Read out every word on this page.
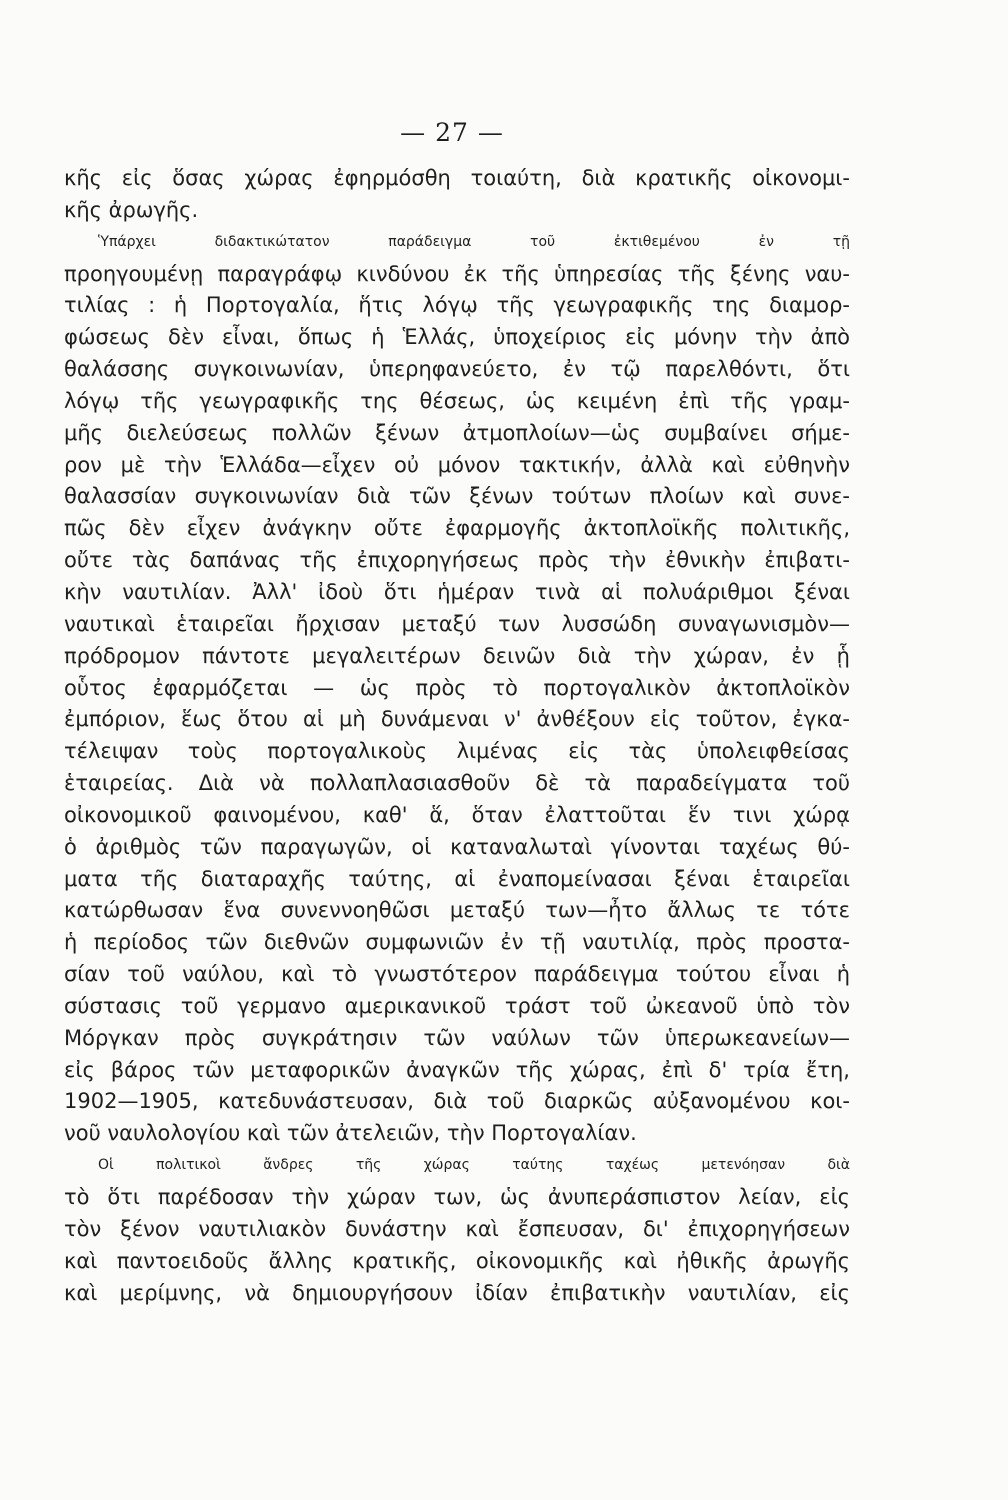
— 27 —
κῆς εἰς ὅσας χώρας ἐφηρμόσθη τοιαύτη, διὰ κρατικῆς οἰκονομι-
κῆς ἀρωγῆς.
Ὑπάρχει διδακτικώτατον παράδειγμα τοῦ ἐκτιθεμένου ἐν τῇ
προηγουμένῃ παραγράφῳ κινδύνου ἐκ τῆς ὑπηρεσίας τῆς ξένης ναυ-
τιλίας : ἡ Πορτογαλία, ἥτις λόγῳ τῆς γεωγραφικῆς της διαμορ-
φώσεως δὲν εἶναι, ὅπως ἡ Ἑλλάς, ὑποχείριος εἰς μόνην τὴν ἀπὸ
θαλάσσης συγκοινωνίαν, ὑπερηφανεύετο, ἐν τῷ παρελθόντι, ὅτι
λόγῳ τῆς γεωγραφικῆς της θέσεως, ὡς κειμένη ἐπὶ τῆς γραμ-
μῆς διελεύσεως πολλῶν ξένων ἀτμοπλοίων—ὡς συμβαίνει σήμε-
ρον μὲ τὴν Ἑλλάδα—εἶχεν οὐ μόνον τακτικήν, ἀλλὰ καὶ εὐθηνὴν
θαλασσίαν συγκοινωνίαν διὰ τῶν ξένων τούτων πλοίων καὶ συνε-
πῶς δὲν εἶχεν ἀνάγκην οὔτε ἐφαρμογῆς ἀκτοπλοϊκῆς πολιτικῆς,
οὔτε τὰς δαπάνας τῆς ἐπιχορηγήσεως πρὸς τὴν ἐθνικὴν ἐπιβατι-
κὴν ναυτιλίαν. Ἀλλ' ἰδοὺ ὅτι ἡμέραν τινὰ αἱ πολυάριθμοι ξέναι
ναυτικαὶ ἑταιρεῖαι ἤρχισαν μεταξύ των λυσσώδη συναγωνισμὸν—
πρόδρομον πάντοτε μεγαλειτέρων δεινῶν διὰ τὴν χώραν, ἐν ᾗ
οὗτος ἐφαρμόζεται — ὡς πρὸς τὸ πορτογαλικὸν ἀκτοπλοϊκὸν
ἐμπόριον, ἕως ὅτου αἱ μὴ δυνάμεναι ν' ἀνθέξουν εἰς τοῦτον, ἐγκα-
τέλειψαν τοὺς πορτογαλικοὺς λιμένας εἰς τὰς ὑπολειφθείσας
ἑταιρείας. Διὰ νὰ πολλαπλασιασθοῦν δὲ τὰ παραδείγματα τοῦ
οἰκονομικοῦ φαινομένου, καθ' ἅ, ὅταν ἐλαττοῦται ἕν τινι χώρᾳ
ὁ ἀριθμὸς τῶν παραγωγῶν, οἱ καταναλωταὶ γίνονται ταχέως θύ-
ματα τῆς διαταραχῆς ταύτης, αἱ ἐναπομείνασαι ξέναι ἑταιρεῖαι
κατώρθωσαν ἕνα συνεννοηθῶσι μεταξύ των—ἦτο ἄλλως τε τότε
ἡ περίοδος τῶν διεθνῶν συμφωνιῶν ἐν τῇ ναυτιλίᾳ, πρὸς προστα-
σίαν τοῦ ναύλου, καὶ τὸ γνωστότερον παράδειγμα τούτου εἶναι ἡ
σύστασις τοῦ γερμανο αμερικανικοῦ τράστ τοῦ ὠκεανοῦ ὑπὸ τὸν
Μόργκαν πρὸς συγκράτησιν τῶν ναύλων τῶν ὑπερωκεανείων—
εἰς βάρος τῶν μεταφορικῶν ἀναγκῶν τῆς χώρας, ἐπὶ δ' τρία ἔτη,
1902—1905, κατεδυνάστευσαν, διὰ τοῦ διαρκῶς αὐξανομένου κοι-
νοῦ ναυλολογίου καὶ τῶν ἀτελειῶν, τὴν Πορτογαλίαν.
Οἱ πολιτικοὶ ἄνδρες τῆς χώρας ταύτης ταχέως μετενόησαν διὰ
τὸ ὅτι παρέδοσαν τὴν χώραν των, ὡς ἀνυπεράσπιστον λείαν, εἰς
τὸν ξένον ναυτιλιακὸν δυνάστην καὶ ἔσπευσαν, δι' ἐπιχορηγήσεων
καὶ παντοειδοῦς ἄλλης κρατικῆς, οἰκονομικῆς καὶ ἠθικῆς ἀρωγῆς
καὶ μερίμνης, νὰ δημιουργήσουν ἰδίαν ἐπιβατικὴν ναυτιλίαν, εἰς
